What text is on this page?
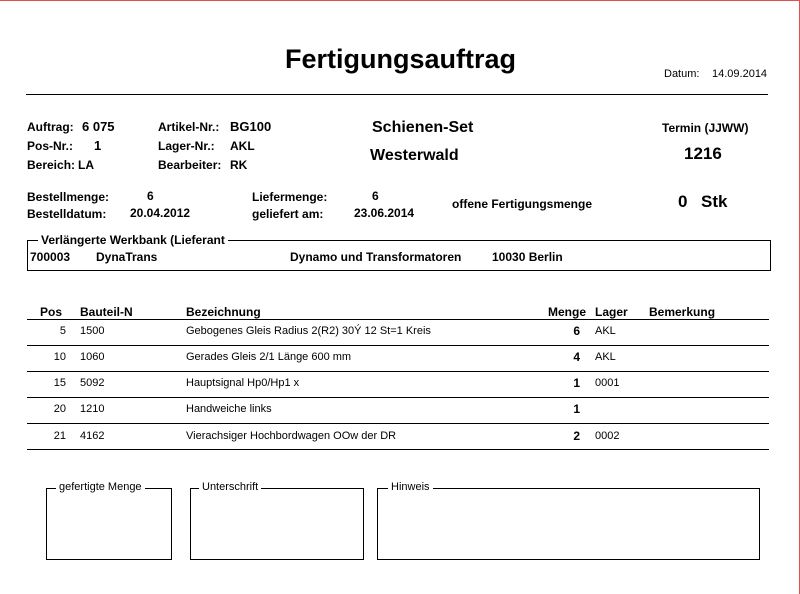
Fertigungsauftrag	Datum: 14.09.2014
Auftrag: 6 075
Pos-Nr.: 1
Bereich: LA
Artikel-Nr.: BG100
Lager-Nr.: AKL
Bearbeiter: RK
Schienen-Set
Westerwald
Termin (JJWW)
1216
Bestellmenge:	6
Bestelldatum: 20.04.2012
Liefermenge:	6
geliefert am:	23.06.2014
offene Fertigungsmengе	0 Stk
Verlängerte Werkbank (Lieferant
700003 DynaTrans	Dynamo und Transformatoren	10030 Berlin
Pos Bauteil-N	Bezeichnung	Menge Lager Bemerkung
5 1500	Gebogenes Gleis Radius 2(R2) 30Ý 12 St=1 Kreis	6 AKL
10 1060	Gerades Gleis 2/1 Länge 600 mm	4 AKL
15 5092	Hauptsignal Hp0/Hp1 x	1 0001
20 1210	Handweiche links	1
21 4162	Vierachsiger Hochbordwagen OOw der DR	2 0002
gefertigte Menge	Unterschrift	Hinweis
